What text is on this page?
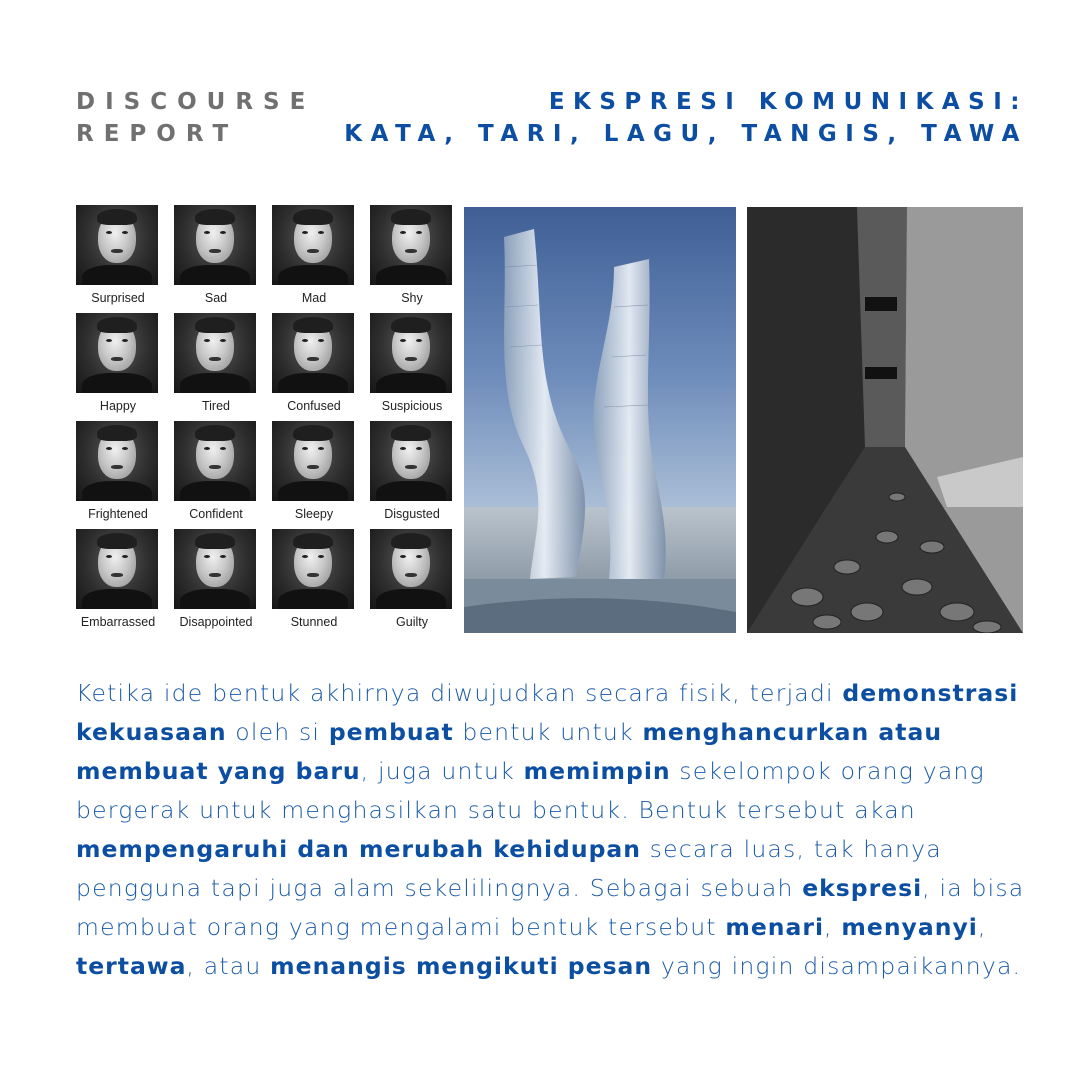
DISCOURSE
REPORT
EKSPRESI KOMUNIKASI:
KATA, TARI, LAGU, TANGIS, TAWA
Surprised	Sad	Mad	Shy
Happy	Tired	Confused	Suspicious
Frightened	Confident	Sleepy	Disgusted
Embarrassed	Disappointed	Stunned	Guilty
Ketika ide bentuk akhirnya diwujudkan secara fisik, terjadi demonstrasi kekuasaan oleh si pembuat bentuk untuk menghancurkan atau membuat yang baru, juga untuk memimpin sekelompok orang yang bergerak untuk menghasilkan satu bentuk. Bentuk tersebut akan mempengaruhi dan merubah kehidupan secara luas, tak hanya pengguna tapi juga alam sekelilingnya. Sebagai sebuah ekspresi, ia bisa membuat orang yang mengalami bentuk tersebut menari, menyanyi, tertawa, atau menangis mengikuti pesan yang ingin disampaikannya.
